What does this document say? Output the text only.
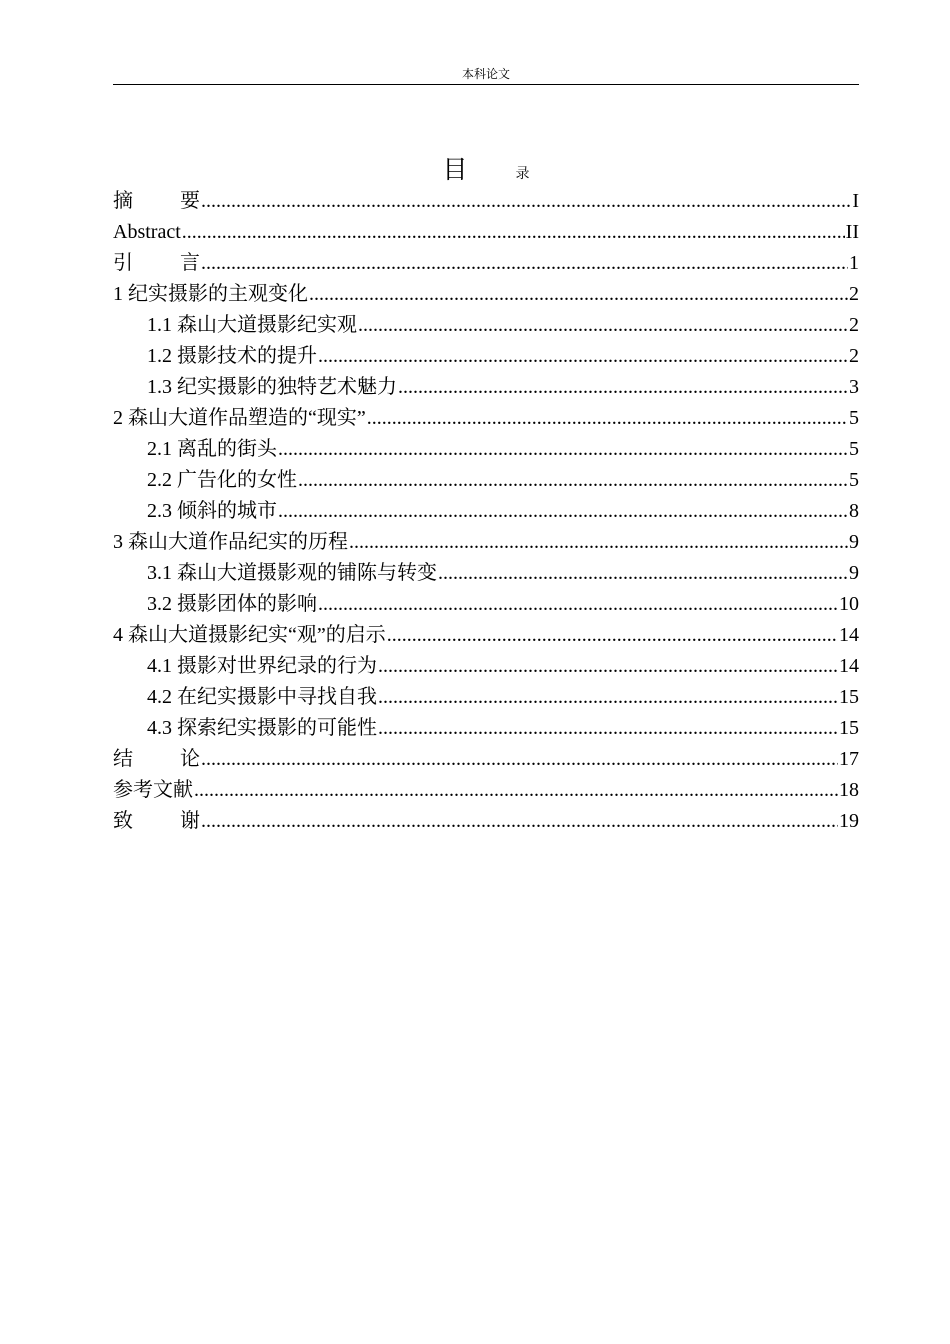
本科论文
目	录
摘 要 .....	I
Abstract .....	II
引 言 .....	1
1 纪实摄影的主观变化 .....	2
1.1 森山大道摄影纪实观 .....	2
1.2 摄影技术的提升 .....	2
1.3 纪实摄影的独特艺术魅力 .....	3
2 森山大道作品塑造的“现实” .....	5
2.1 离乱的街头 .....	5
2.2 广告化的女性 .....	5
2.3 倾斜的城市 .....	8
3 森山大道作品纪实的历程 .....	9
3.1 森山大道摄影观的铺陈与转变 .....	9
3.2 摄影团体的影响 .....	10
4 森山大道摄影纪实“观”的启示 .....	14
4.1 摄影对世界纪录的行为 .....	14
4.2 在纪实摄影中寻找自我 .....	15
4.3 探索纪实摄影的可能性 .....	15
结 论 .....	17
参考文献 .....	18
致 谢 .....	19
